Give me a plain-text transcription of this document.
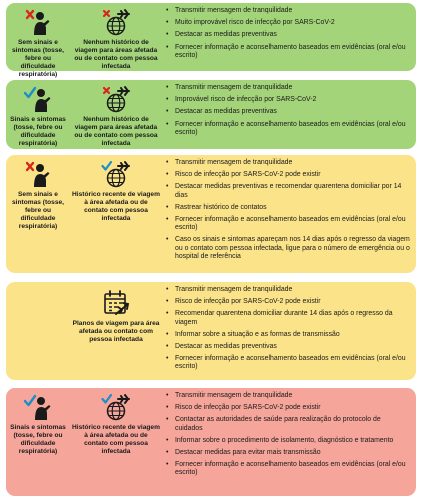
Sem sinais e sintomas (tosse, febre ou dificuldade respiratória)
Nenhum histórico de viagem para áreas afetada ou de contato com pessoa infectada
• Transmitir mensagem de tranquilidade
• Muito improvável risco de infecção por SARS-CoV-2
• Destacar as medidas preventivas
• Fornecer informação e aconselhamento baseados em evidências (oral e/ou escrito)
Sinais e sintomas (tosse, febre ou dificuldade respiratória)
Nenhum histórico de viagem para áreas afetada ou de contato com pessoa infectada
• Transmitir mensagem de tranquilidade
• Improvável risco de infecção por SARS-CoV-2
• Destacar as medidas preventivas
• Fornecer informação e aconselhamento baseados em evidências (oral e/ou escrito)
Sem sinais e sintomas (tosse, febre ou dificuldade respiratória)
Histórico recente de viagem à área afetada ou de contato com pessoa infectada
• Transmitir mensagem de tranquilidade
• Risco de infecção por SARS-CoV-2 pode existir
• Destacar medidas preventivas e recomendar quarentena domiciliar por 14 dias
• Rastrear histórico de contatos
• Fornecer informação e aconselhamento baseados em evidências (oral e/ou escrito)
• Caso os sinais e sintomas apareçam nos 14 dias após o regresso da viagem ou o contato com pessoa infectada, ligue para o número de emergência ou o hospital de referência
Planos de viagem para área afetada ou contato com pessoa infectada
• Transmitir mensagem de tranquilidade
• Risco de infecção por SARS-CoV-2 pode existir
• Recomendar quarentena domiciliar durante 14 dias após o regresso da viagem
• Informar sobre a situação e as formas de transmissão
• Destacar as medidas preventivas
• Fornecer informação e aconselhamento baseados em evidências (oral e/ou escrito)
Sinais e sintomas (tosse, febre ou dificuldade respiratória)
Histórico recente de viagem à área afetada ou de contato com pessoa infectada
• Transmitir mensagem de tranquilidade
• Risco de infecção por SARS-CoV-2 pode existir
• Contactar as autoridades de saúde para realização do protocolo de cuidados
• Informar sobre o procedimento de isolamento, diagnóstico e tratamento
• Destacar medidas para evitar mais transmissão
• Fornecer informação e aconselhamento baseados em evidências (oral e/ou escrito)
